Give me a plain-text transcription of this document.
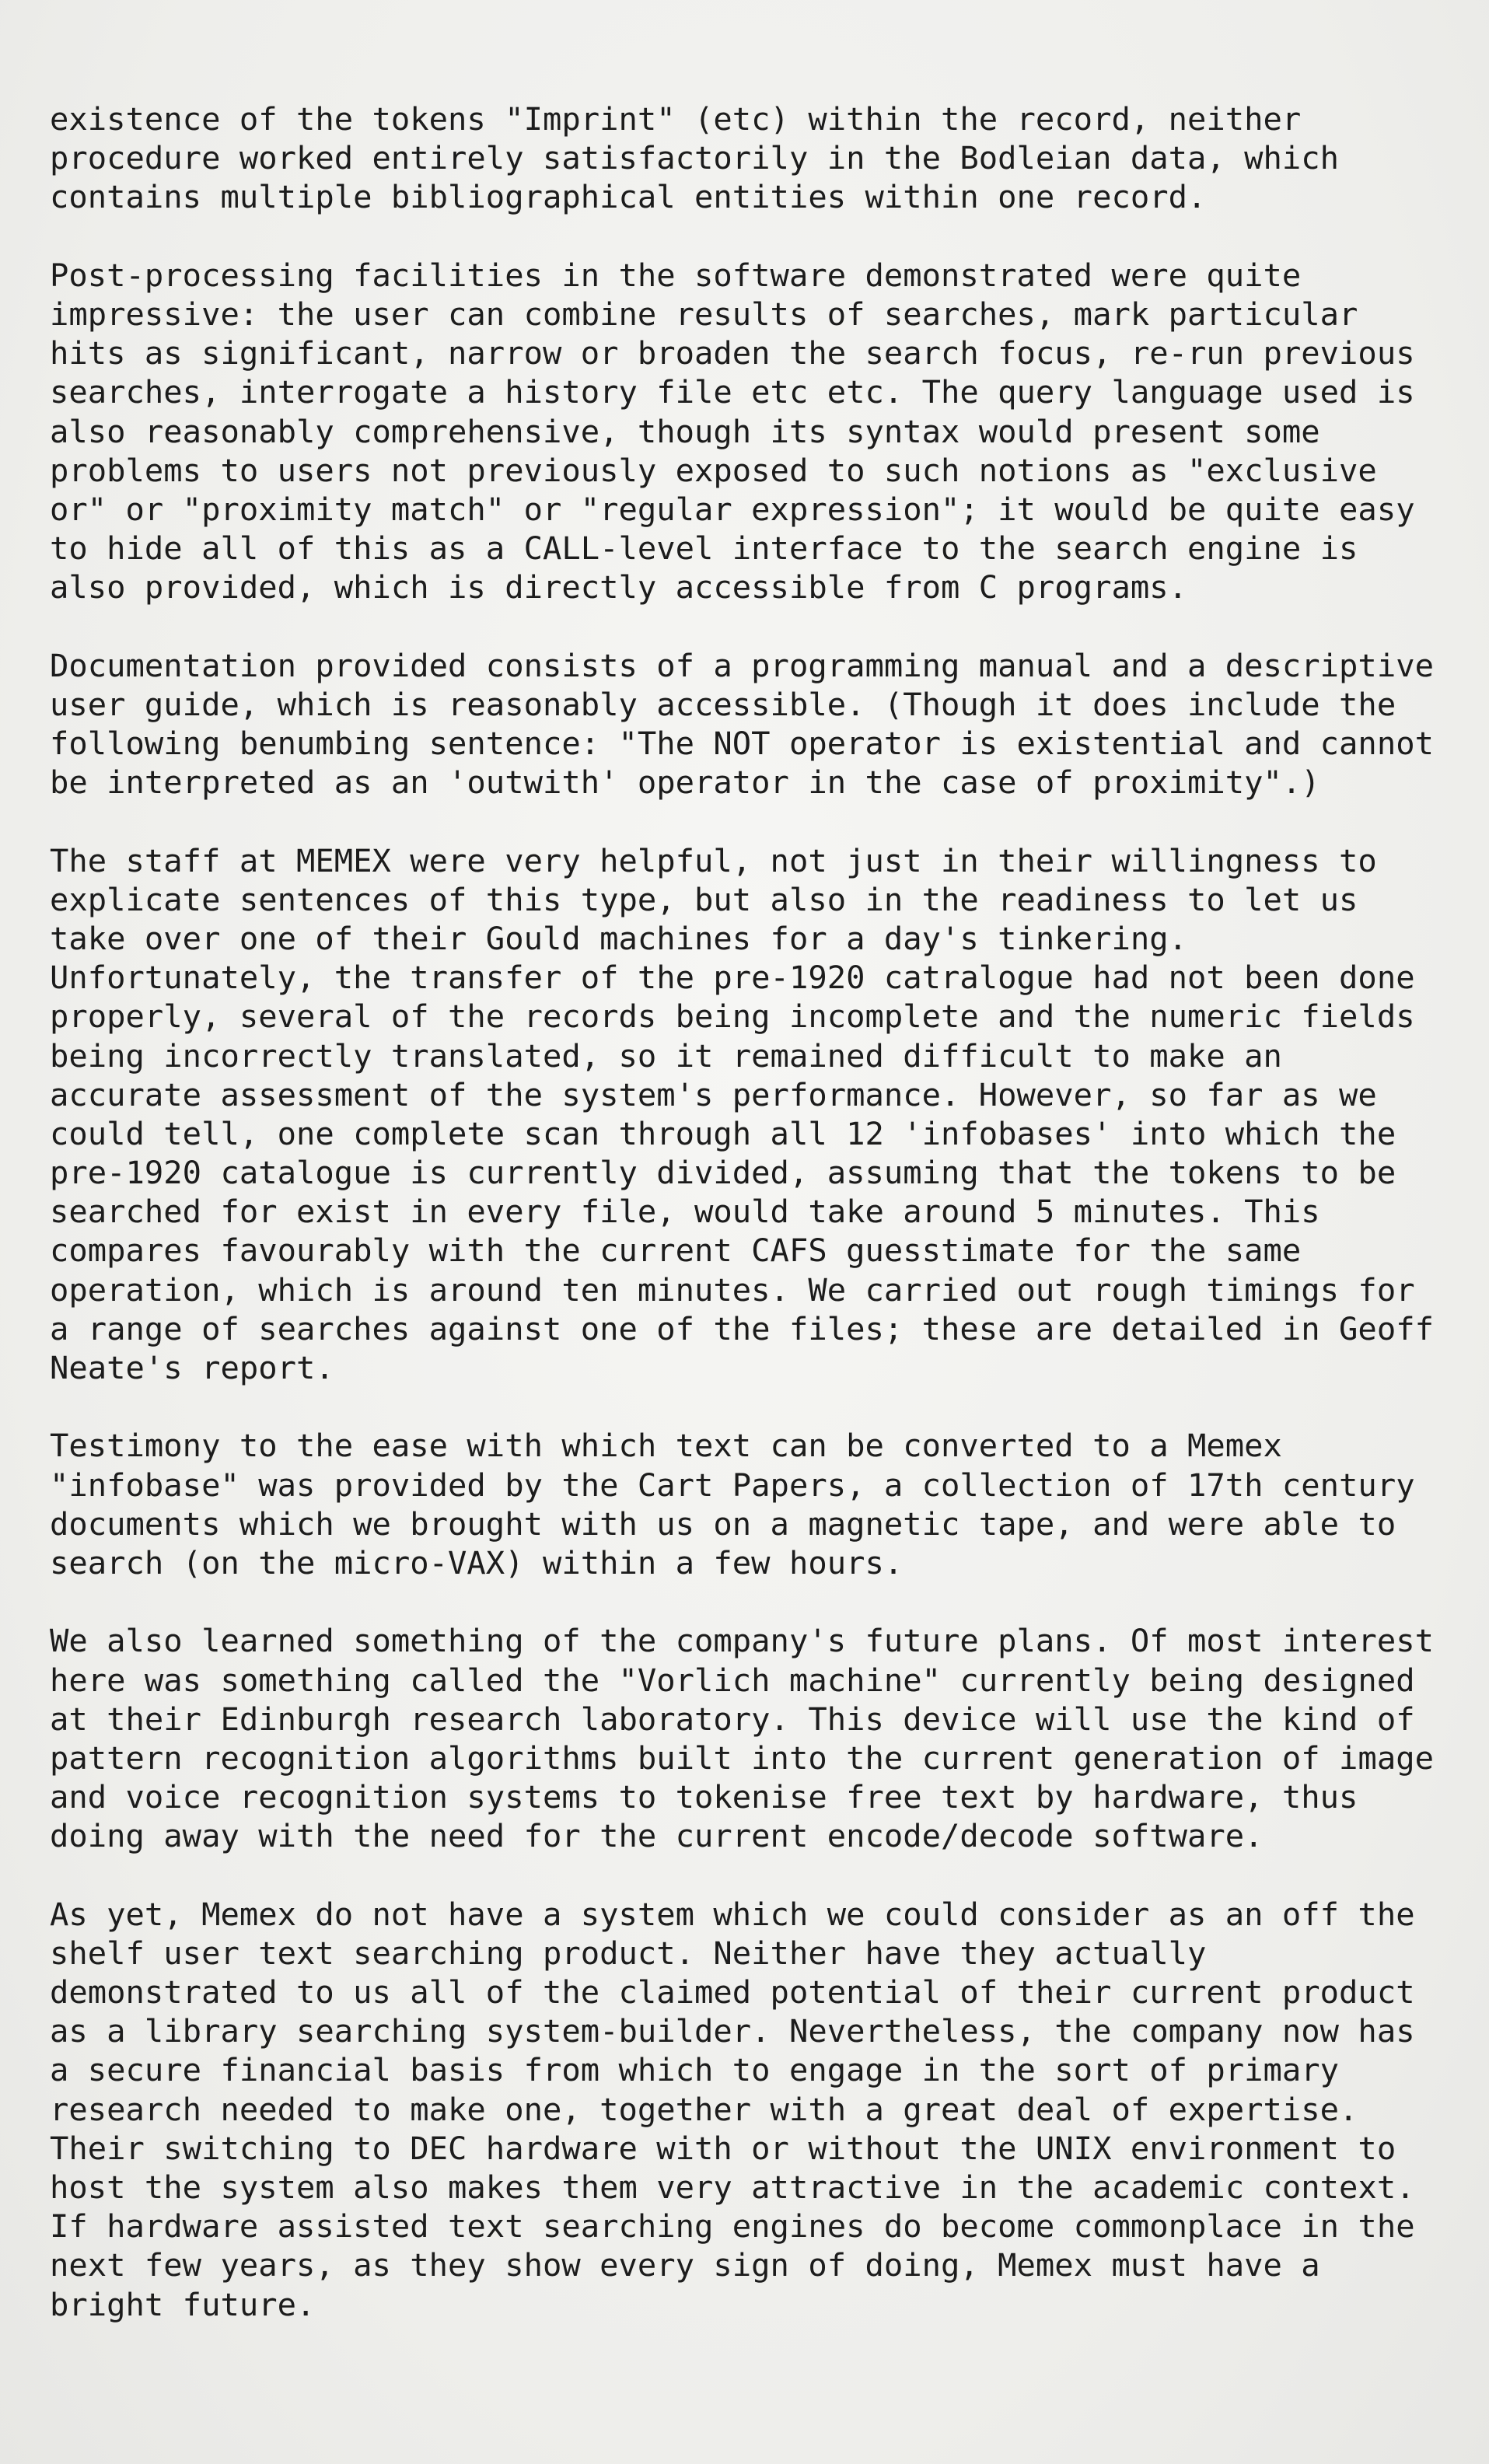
existence of the tokens "Imprint" (etc) within the record, neither
procedure worked entirely satisfactorily in the Bodleian data, which
contains multiple bibliographical entities within one record.
Post-processing facilities in the software demonstrated were quite
impressive: the user can combine results of searches, mark particular
hits as significant, narrow or broaden the search focus, re-run previous
searches, interrogate a history file etc etc. The query language used is
also reasonably comprehensive, though its syntax would present some
problems to users not previously exposed to such notions as "exclusive
or" or "proximity match" or "regular expression"; it would be quite easy
to hide all of this as a CALL-level interface to the search engine is
also provided, which is directly accessible from C programs.
Documentation provided consists of a programming manual and a descriptive
user guide, which is reasonably accessible. (Though it does include the
following benumbing sentence: "The NOT operator is existential and cannot
be interpreted as an 'outwith' operator in the case of proximity".)
The staff at MEMEX were very helpful, not just in their willingness to
explicate sentences of this type, but also in the readiness to let us
take over one of their Gould machines for a day's tinkering.
Unfortunately, the transfer of the pre-1920 catralogue had not been done
properly, several of the records being incomplete and the numeric fields
being incorrectly translated, so it remained difficult to make an
accurate assessment of the system's performance. However, so far as we
could tell, one complete scan through all 12 'infobases' into which the
pre-1920 catalogue is currently divided, assuming that the tokens to be
searched for exist in every file, would take around 5 minutes. This
compares favourably with the current CAFS guesstimate for the same
operation, which is around ten minutes. We carried out rough timings for
a range of searches against one of the files; these are detailed in Geoff
Neate's report.
Testimony to the ease with which text can be converted to a Memex
"infobase" was provided by the Cart Papers, a collection of 17th century
documents which we brought with us on a magnetic tape, and were able to
search (on the micro-VAX) within a few hours.
We also learned something of the company's future plans. Of most interest
here was something called the "Vorlich machine" currently being designed
at their Edinburgh research laboratory. This device will use the kind of
pattern recognition algorithms built into the current generation of image
and voice recognition systems to tokenise free text by hardware, thus
doing away with the need for the current encode/decode software.
As yet, Memex do not have a system which we could consider as an off the
shelf user text searching product. Neither have they actually
demonstrated to us all of the claimed potential of their current product
as a library searching system-builder. Nevertheless, the company now has
a secure financial basis from which to engage in the sort of primary
research needed to make one, together with a great deal of expertise.
Their switching to DEC hardware with or without the UNIX environment to
host the system also makes them very attractive in the academic context.
If hardware assisted text searching engines do become commonplace in the
next few years, as they show every sign of doing, Memex must have a
bright future.
